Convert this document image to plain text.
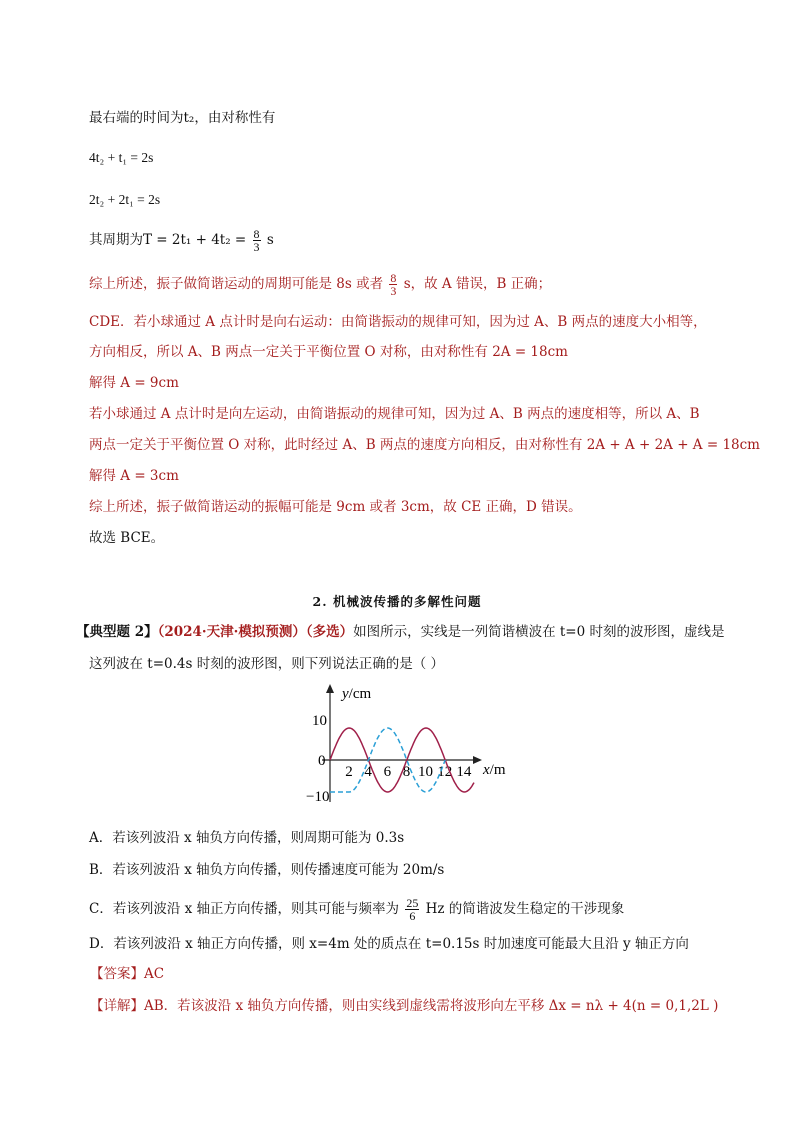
最右端的时间为t₂，由对称性有
4t₂ + t₁ = 2s
2t₂ + 2t₁ = 2s
其周期为$T = 2t_1 + 4t_2 = \frac{8}{3}$ s
综上所述，振子做简谐运动的周期可能是 8s 或者 $\frac{8}{3}$ s，故 A 错误，B 正确；
CDE．若小球通过 A 点计时是向右运动：由简谐振动的规律可知，因为过 A、B 两点的速度大小相等，
方向相反，所以 A、B 两点一定关于平衡位置 O 对称，由对称性有 2A = 18cm
解得 A = 9cm
若小球通过 A 点计时是向左运动，由简谐振动的规律可知，因为过 A、B 两点的速度相等，所以 A、B
两点一定关于平衡位置 O 对称，此时经过 A、B 两点的速度方向相反，由对称性有 2A + A + 2A + A = 18cm
解得 A = 3cm
综上所述，振子做简谐运动的振幅可能是 9cm 或者 3cm，故 CE 正确，D 错误。
故选 BCE。
2. 机械波传播的多解性问题
【典型题 2】（2024·天津·模拟预测）（多选）如图所示，实线是一列简谐横波在 t=0 时刻的波形图，虚线是
这列波在 t=0.4s 时刻的波形图，则下列说法正确的是（ ）
y/cm
x/m
10
0
−10
2 4 6 8 10 12 14
A．若该列波沿 x 轴负方向传播，则周期可能为 0.3s
B．若该列波沿 x 轴负方向传播，则传播速度可能为 20m/s
C．若该列波沿 x 轴正方向传播，则其可能与频率为 $\frac{25}{6}$ Hz 的简谐波发生稳定的干涉现象
D．若该列波沿 x 轴正方向传播，则 x=4m 处的质点在 t=0.15s 时加速度可能最大且沿 y 轴正方向
【答案】AC
【详解】AB．若该波沿 x 轴负方向传播，则由实线到虚线需将波形向左平移 Δx = nλ + 4(n = 0,1,2L )
